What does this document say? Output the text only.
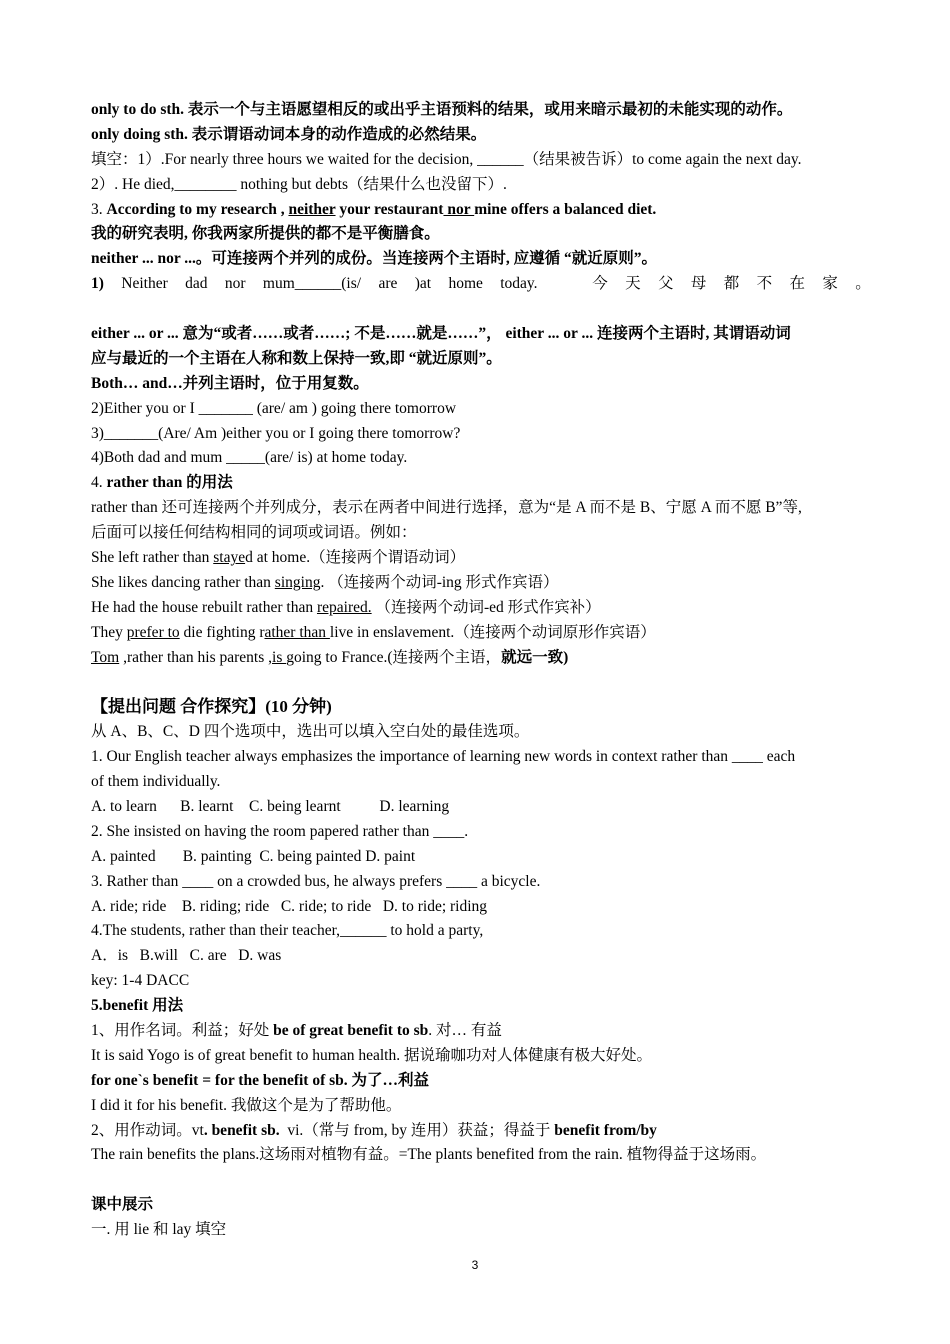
only to do sth. 表示一个与主语愿望相反的或出乎主语预料的结果，或用来暗示最初的未能实现的动作。
only doing sth. 表示谓语动词本身的动作造成的必然结果。
填空：1）.For nearly three hours we waited for the decision, ______（结果被告诉）to come again the next day.
2）. He died,________ nothing but debts（结果什么也没留下）.
3. According to my research , neither your restaurant nor mine offers a balanced diet.
我的研究表明, 你我两家所提供的都不是平衡膳食。
neither ... nor ...。可连接两个并列的成份。当连接两个主语时, 应遵循 “就近原则”。
1) Neither dad nor mum______(is/ are )at home today.	今 天 父 母 都 不 在 家 。
either ... or ... 意为“或者……或者……; 不是……就是……”， either ... or ... 连接两个主语时, 其谓语动词
应与最近的一个主语在人称和数上保持一致,即 “就近原则”。
Both… and…并列主语时，位于用复数。
2)Either you or I _______ (are/ am ) going there tomorrow
3)_______(Are/ Am )either you or I going there tomorrow?
4)Both dad and mum _____(are/ is) at home today.
4. rather than 的用法
rather than 还可连接两个并列成分，表示在两者中间进行选择，意为“是 A 而不是 B、宁愿 A 而不愿 B”等,
后面可以接任何结构相同的词项或词语。例如：
She left rather than stayed at home.（连接两个谓语动词）
She likes dancing rather than singing. （连接两个动词-ing 形式作宾语）
He had the house rebuilt rather than repaired. （连接两个动词-ed 形式作宾补）
They prefer to die fighting rather than live in enslavement.（连接两个动词原形作宾语）
Tom ,rather than his parents ,is going to France.(连接两个主语，就远一致)
【提出问题 合作探究】(10 分钟)
从 A、B、C、D 四个选项中，选出可以填入空白处的最佳选项。
1. Our English teacher always emphasizes the importance of learning new words in context rather than ____ each
of them individually.
A. to learn      B. learnt    C. being learnt          D. learning
2. She insisted on having the room papered rather than ____.
A. painted       B. painting  C. being painted D. paint
3. Rather than ____ on a crowded bus, he always prefers ____ a bicycle.
A. ride; ride    B. riding; ride   C. ride; to ride   D. to ride; riding
4.The students, rather than their teacher,______ to hold a party,
A．is   B.will   C. are   D. was
key: 1-4 DACC
5.benefit 用法
1、用作名词。利益；好处 be of great benefit to sb. 对… 有益
It is said Yogo is of great benefit to human health. 据说瑜咖功对人体健康有极大好处。
for one`s benefit = for the benefit of sb. 为了…利益
I did it for his benefit. 我做这个是为了帮助他。
2、用作动词。vt. benefit sb.  vi.（常与 from, by 连用）获益；得益于 benefit from/by
The rain benefits the plans.这场雨对植物有益。=The plants benefited from the rain. 植物得益于这场雨。
课中展示
一. 用 lie 和 lay 填空
3
